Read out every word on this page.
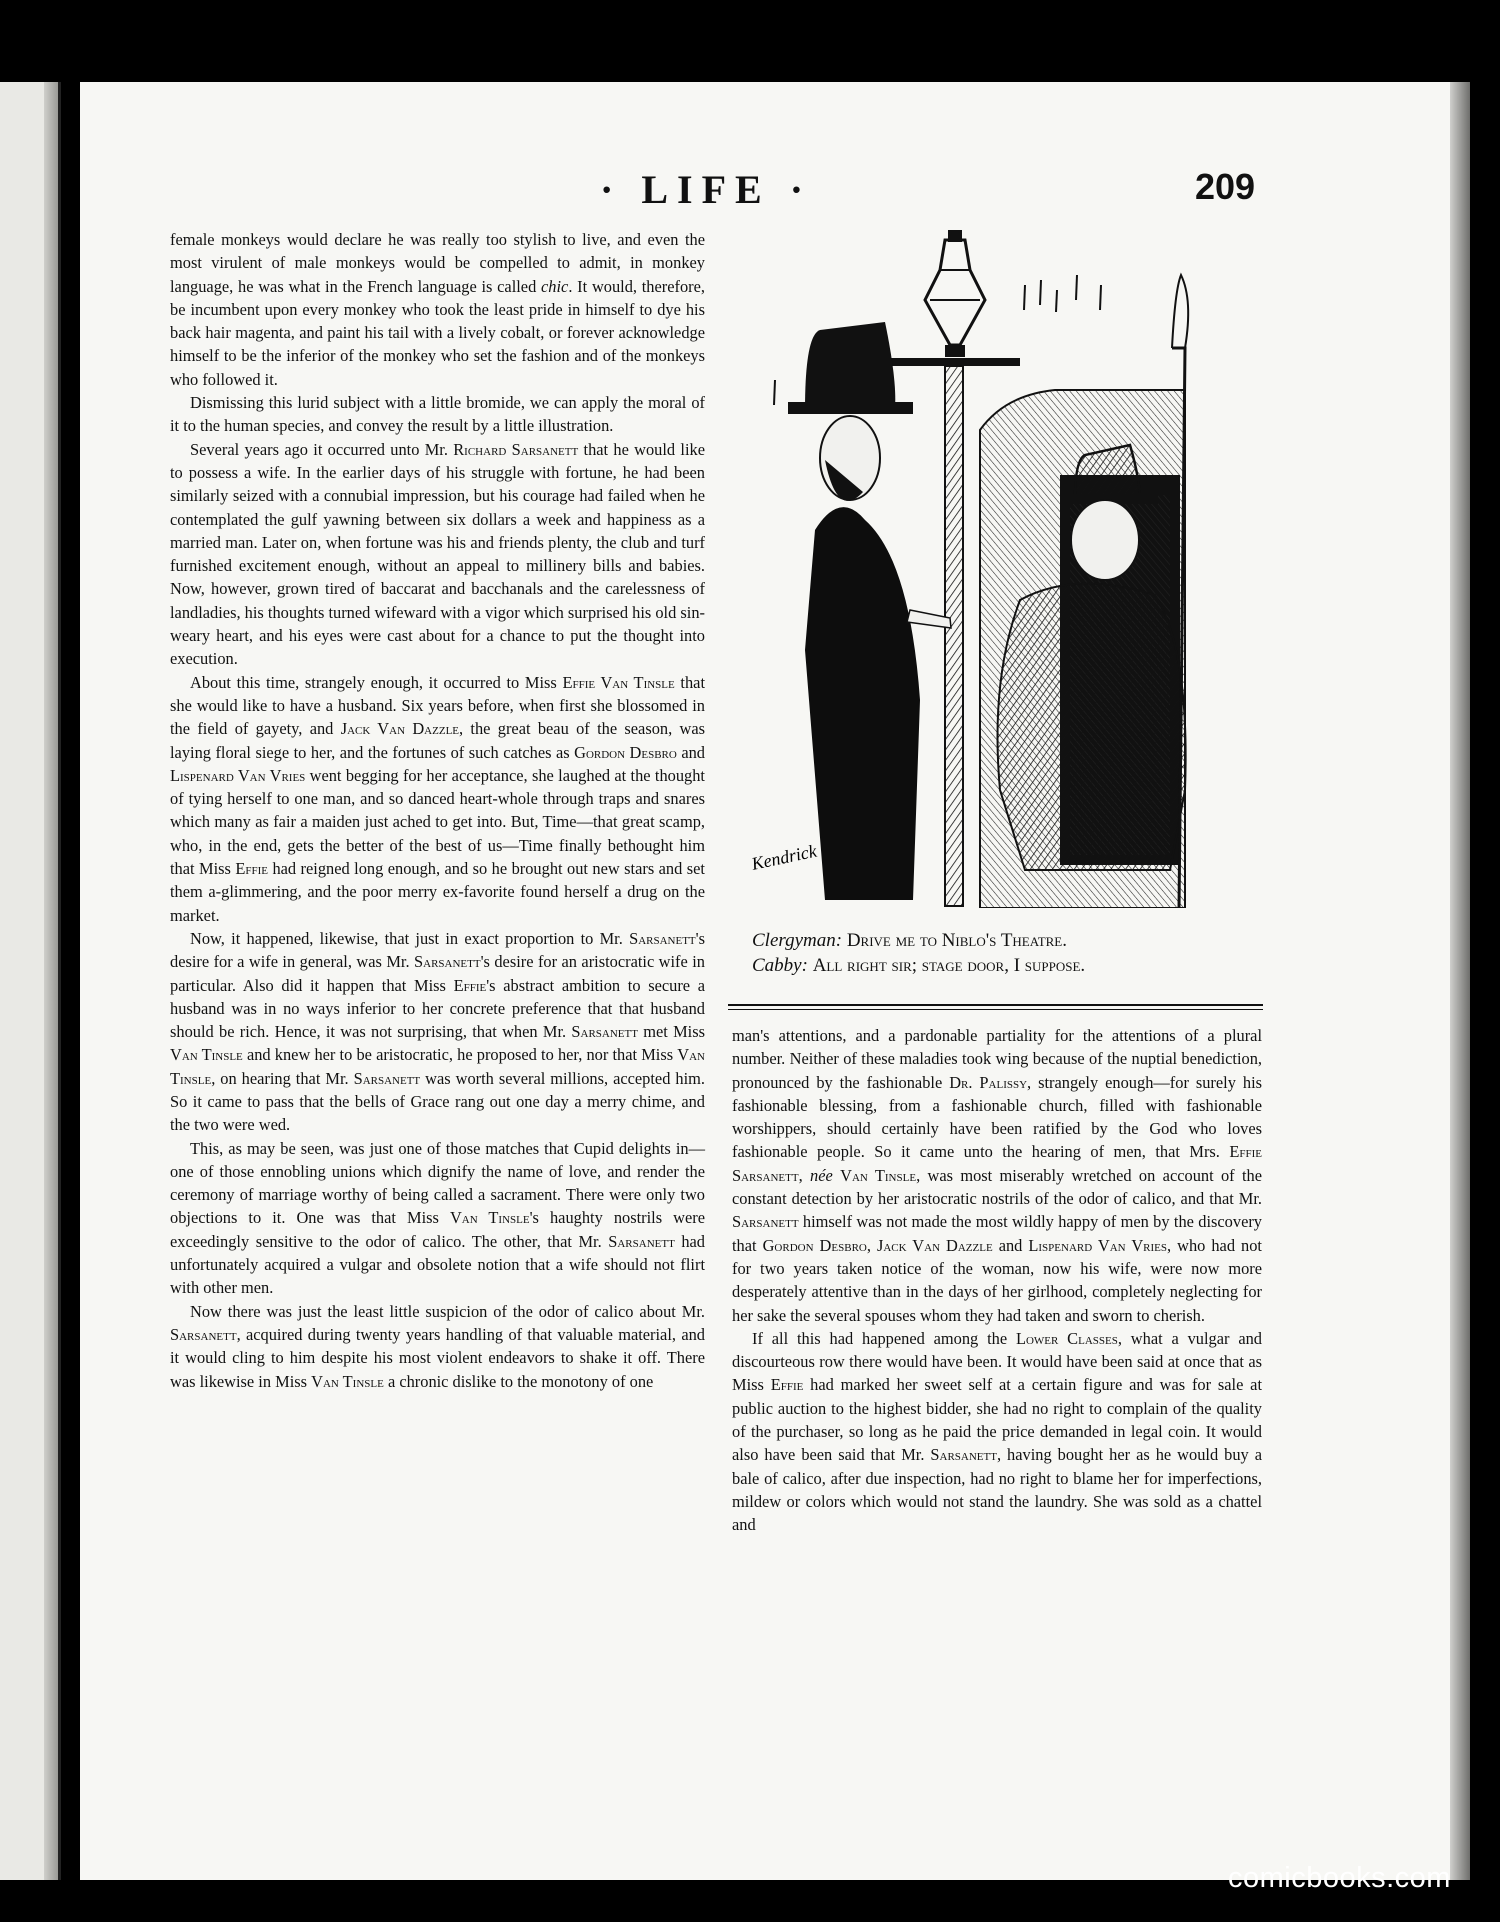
· LIFE ·	209

female monkeys would declare he was really too stylish to live, and even the most virulent of male monkeys would be compelled to admit, in monkey language, he was what in the French language is called chic. It would, therefore, be incumbent upon every monkey who took the least pride in himself to dye his back hair magenta, and paint his tail with a lively cobalt, or forever acknowledge himself to be the inferior of the monkey who set the fashion and of the monkeys who followed it.

Dismissing this lurid subject with a little bromide, we can apply the moral of it to the human species, and convey the result by a little illustration.

Several years ago it occurred unto Mr. Richard Sarsanett that he would like to possess a wife. In the earlier days of his struggle with fortune, he had been similarly seized with a connubial impression, but his courage had failed when he contemplated the gulf yawning between six dollars a week and happiness as a married man. Later on, when fortune was his and friends plenty, the club and turf furnished excitement enough, without an appeal to millinery bills and babies. Now, however, grown tired of baccarat and bacchanals and the carelessness of landladies, his thoughts turned wifeward with a vigor which surprised his old sin-weary heart, and his eyes were cast about for a chance to put the thought into execution.

About this time, strangely enough, it occurred to Miss Effie Van Tinsle that she would like to have a husband. Six years before, when first she blossomed in the field of gayety, and Jack Van Dazzle, the great beau of the season, was laying floral siege to her, and the fortunes of such catches as Gordon Desbro and Lispenard Van Vries went begging for her acceptance, she laughed at the thought of tying herself to one man, and so danced heart-whole through traps and snares which many as fair a maiden just ached to get into. But, Time—that great scamp, who, in the end, gets the better of the best of us—Time finally bethought him that Miss Effie had reigned long enough, and so he brought out new stars and set them a-glimmering, and the poor merry ex-favorite found herself a drug on the market.

Now, it happened, likewise, that just in exact proportion to Mr. Sarsanett's desire for a wife in general, was Mr. Sarsanett's desire for an aristocratic wife in particular. Also did it happen that Miss Effie's abstract ambition to secure a husband was in no ways inferior to her concrete preference that that husband should be rich. Hence, it was not surprising, that when Mr. Sarsanett met Miss Van Tinsle and knew her to be aristocratic, he proposed to her, nor that Miss Van Tinsle, on hearing that Mr. Sarsanett was worth several millions, accepted him. So it came to pass that the bells of Grace rang out one day a merry chime, and the two were wed.

This, as may be seen, was just one of those matches that Cupid delights in—one of those ennobling unions which dignify the name of love, and render the ceremony of marriage worthy of being called a sacrament. There were only two objections to it. One was that Miss Van Tinsle's haughty nostrils were exceedingly sensitive to the odor of calico. The other, that Mr. Sarsanett had unfortunately acquired a vulgar and obsolete notion that a wife should not flirt with other men.

Now there was just the least little suspicion of the odor of calico about Mr. Sarsanett, acquired during twenty years handling of that valuable material, and it would cling to him despite his most violent endeavors to shake it off. There was likewise in Miss Van Tinsle a chronic dislike to the monotony of one

Kendrick
Clergyman: Drive me to Niblo's Theatre.
Cabby: All right sir; stage door, I suppose.

man's attentions, and a pardonable partiality for the attentions of a plural number. Neither of these maladies took wing because of the nuptial benediction, pronounced by the fashionable Dr. Palissy, strangely enough—for surely his fashionable blessing, from a fashionable church, filled with fashionable worshippers, should certainly have been ratified by the God who loves fashionable people. So it came unto the hearing of men, that Mrs. Effie Sarsanett, née Van Tinsle, was most miserably wretched on account of the constant detection by her aristocratic nostrils of the odor of calico, and that Mr. Sarsanett himself was not made the most wildly happy of men by the discovery that Gordon Desbro, Jack Van Dazzle and Lispenard Van Vries, who had not for two years taken notice of the woman, now his wife, were now more desperately attentive than in the days of her girlhood, completely neglecting for her sake the several spouses whom they had taken and sworn to cherish.

If all this had happened among the Lower Classes, what a vulgar and discourteous row there would have been. It would have been said at once that as Miss Effie had marked her sweet self at a certain figure and was for sale at public auction to the highest bidder, she had no right to complain of the quality of the purchaser, so long as he paid the price demanded in legal coin. It would also have been said that Mr. Sarsanett, having bought her as he would buy a bale of calico, after due inspection, had no right to blame her for imperfections, mildew or colors which would not stand the laundry. She was sold as a chattel and

comicbooks.com
